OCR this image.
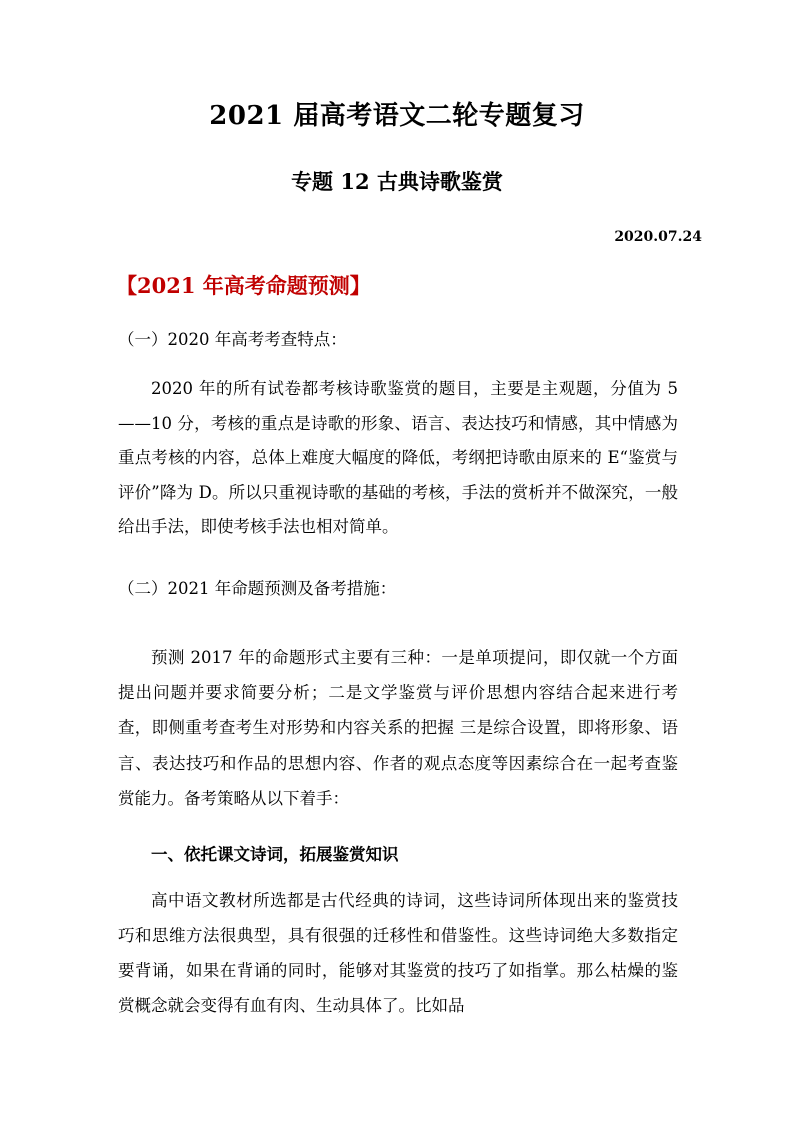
2021 届高考语文二轮专题复习
专题 12 古典诗歌鉴赏
2020.07.24
【2021 年高考命题预测】
（一）2020 年高考考查特点：
2020 年的所有试卷都考核诗歌鉴赏的题目，主要是主观题，分值为 5——10 分，考核的重点是诗歌的形象、语言、表达技巧和情感，其中情感为重点考核的内容，总体上难度大幅度的降低，考纲把诗歌由原来的 E“鉴赏与评价”降为 D。所以只重视诗歌的基础的考核，手法的赏析并不做深究，一般给出手法，即使考核手法也相对简单。
（二）2021 年命题预测及备考措施：
预测 2017 年的命题形式主要有三种：一是单项提问，即仅就一个方面提出问题并要求简要分析；二是文学鉴赏与评价思想内容结合起来进行考查，即侧重考查考生对形势和内容关系的把握 三是综合设置，即将形象、语言、表达技巧和作品的思想内容、作者的观点态度等因素综合在一起考查鉴赏能力。备考策略从以下着手：
一、依托课文诗词，拓展鉴赏知识
高中语文教材所选都是古代经典的诗词，这些诗词所体现出来的鉴赏技巧和思维方法很典型，具有很强的迁移性和借鉴性。这些诗词绝大多数指定要背诵，如果在背诵的同时，能够对其鉴赏的技巧了如指掌。那么枯燥的鉴赏概念就会变得有血有肉、生动具体了。比如品
